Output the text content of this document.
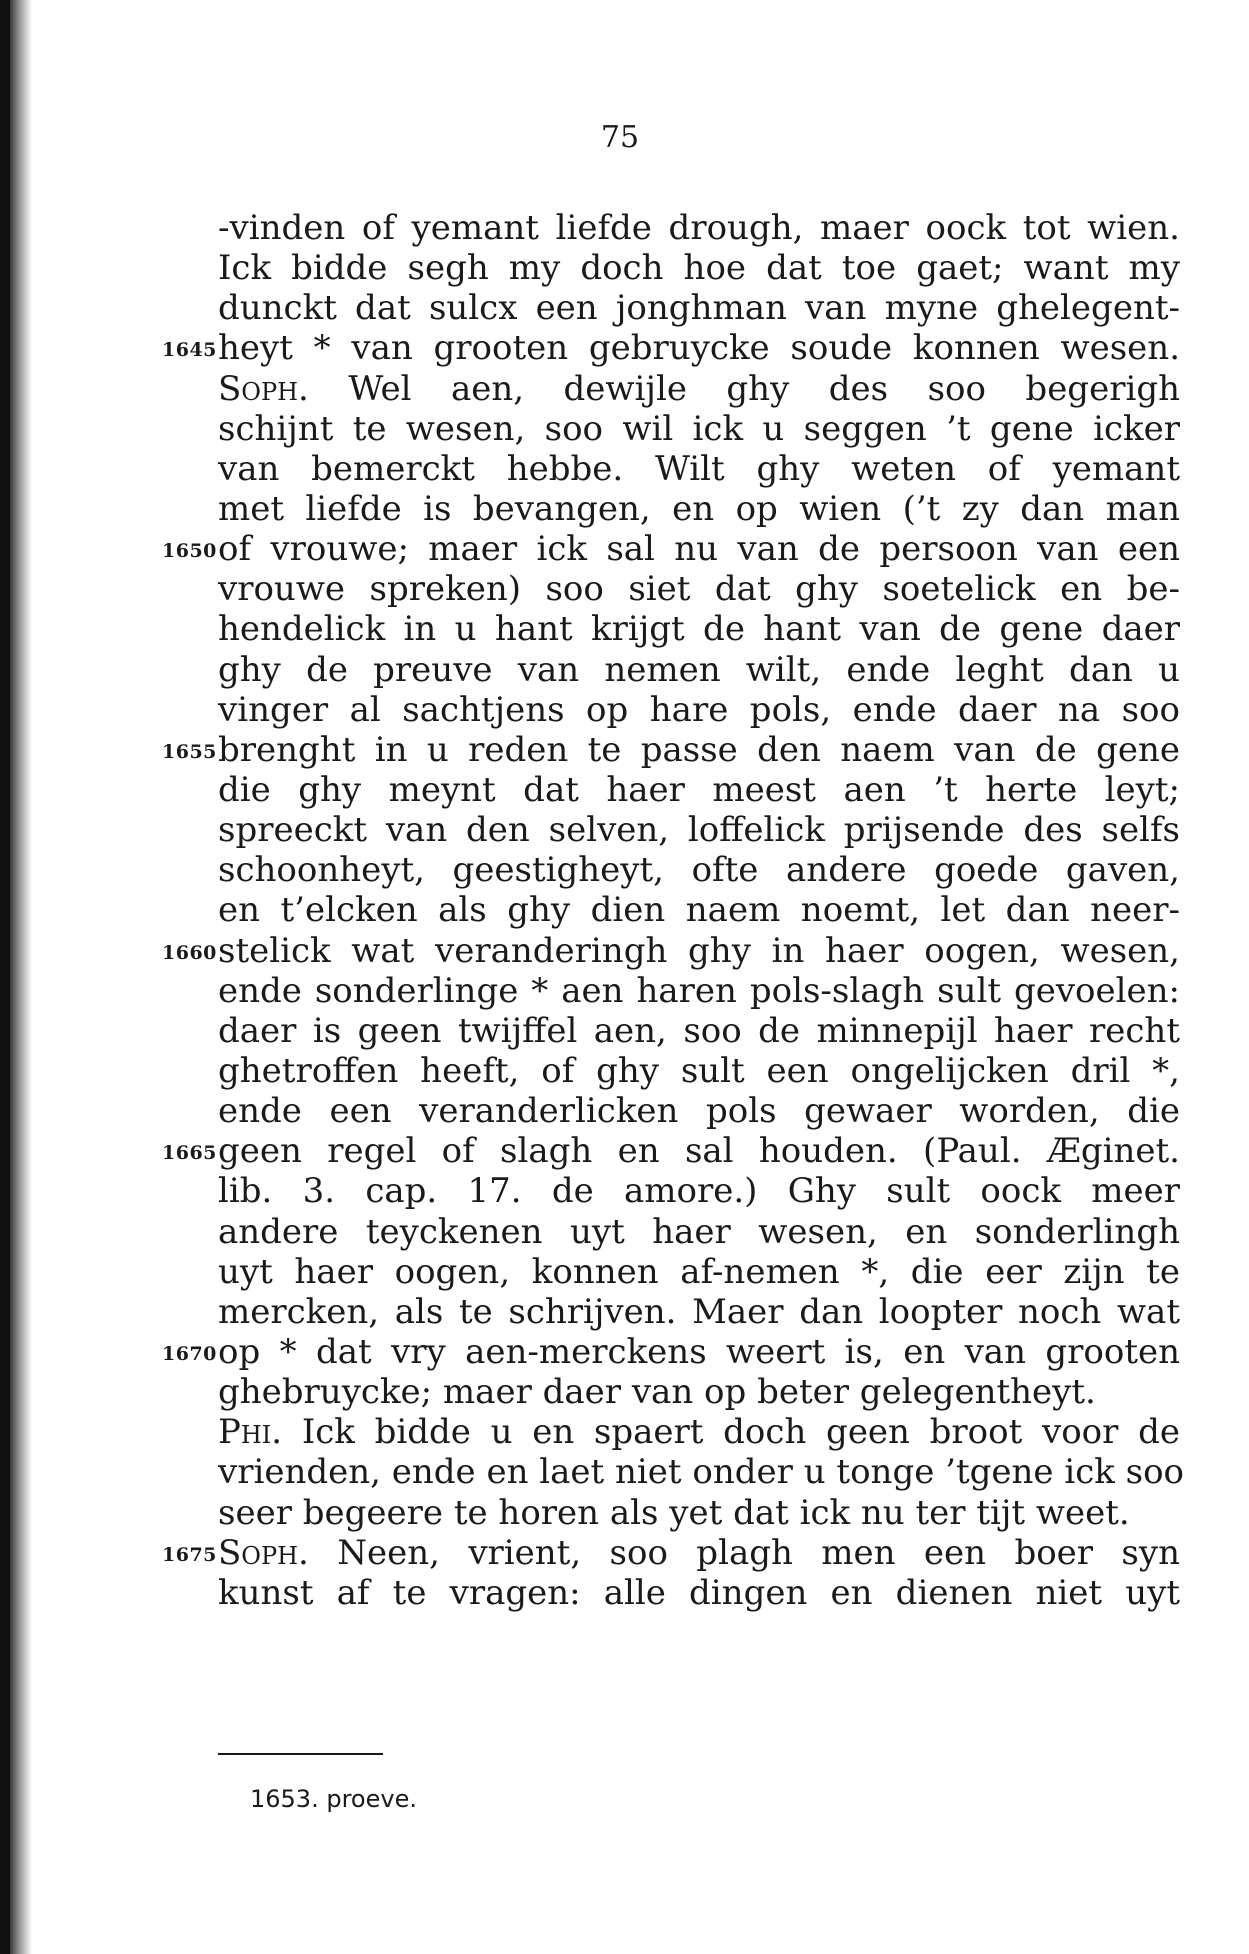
75
-vinden of yemant liefde drough, maer oock tot wien.
Ick bidde segh my doch hoe dat toe gaet; want my
dunckt dat sulcx een jonghman van myne ghelegent-
1645 heyt * van grooten gebruycke soude konnen wesen.
Soph. Wel aen, dewijle ghy des soo begerigh
schijnt te wesen, soo wil ick u seggen ’t gene icker
van bemerckt hebbe. Wilt ghy weten of yemant
met liefde is bevangen, en op wien (’t zy dan man
1650 of vrouwe; maer ick sal nu van de persoon van een
vrouwe spreken) soo siet dat ghy soetelick en be-
hendelick in u hant krijgt de hant van de gene daer
ghy de preuve van nemen wilt, ende leght dan u
vinger al sachtjens op hare pols, ende daer na soo
1655 brenght in u reden te passe den naem van de gene
die ghy meynt dat haer meest aen ’t herte leyt;
spreeckt van den selven, loffelick prijsende des selfs
schoonheyt, geestigheyt, ofte andere goede gaven,
en t’elcken als ghy dien naem noemt, let dan neer-
1660 stelick wat veranderingh ghy in haer oogen, wesen,
ende sonderlinge * aen haren pols-slagh sult gevoelen:
daer is geen twijffel aen, soo de minnepijl haer recht
ghetroffen heeft, of ghy sult een ongelijcken dril *,
ende een veranderlicken pols gewaer worden, die
1665 geen regel of slagh en sal houden. (Paul. Æginet.
lib. 3. cap. 17. de amore.) Ghy sult oock meer
andere teyckenen uyt haer wesen, en sonderlingh
uyt haer oogen, konnen af-nemen *, die eer zijn te
mercken, als te schrijven. Maer dan loopter noch wat
1670 op * dat vry aen-merckens weert is, en van grooten
ghebruycke; maer daer van op beter gelegentheyt.
Phi. Ick bidde u en spaert doch geen broot voor de
vrienden, ende en laet niet onder u tonge ’tgene ick soo
seer begeere te horen als yet dat ick nu ter tijt weet.
1675 Soph. Neen, vrient, soo plagh men een boer syn
kunst af te vragen: alle dingen en dienen niet uyt
1653. proeve.
